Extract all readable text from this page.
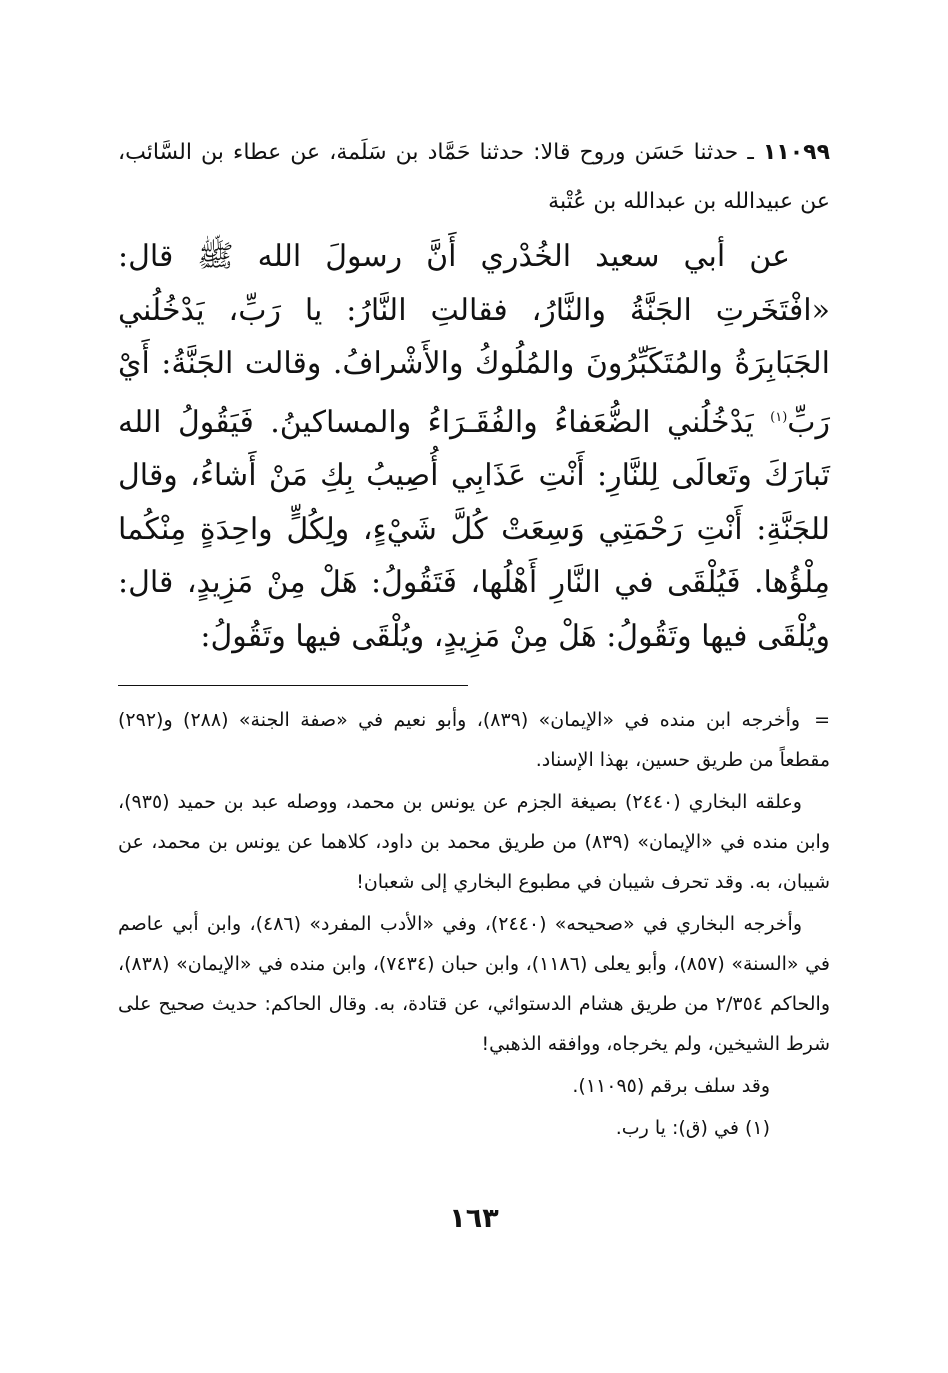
١١٠٩٩ ـ حدثنا حَسَن وروح قالا: حدثنا حَمَّاد بن سَلَمة، عن عطاء بن السَّائب، عن عبيدالله بن عبدالله بن عُتْبة

عن أبي سعيد الخُدْري أَنَّ رسولَ الله ﷺ قال: «افْتَخَرتِ الجَنَّةُ والنَّارُ، فقالتِ النَّارُ: يا رَبِّ، يَدْخُلُني الجَبَابِرَةُ والمُتَكَبِّرُونَ والمُلُوكُ والأَشْرافُ. وقالت الجَنَّةُ: أَيْ رَبِّ$^{(١)}$ يَدْخُلُني الضُّعَفاءُ والفُقَـرَاءُ والمساكينُ. فَيَقُولُ الله تَبارَكَ وتَعالَى لِلنَّارِ: أَنْتِ عَذَابِي أُصِيبُ بِكِ مَنْ أَشاءُ، وقال للجَنَّةِ: أَنْتِ رَحْمَتِي وَسِعَتْ كُلَّ شَيْءٍ، ولِكُلٍّ واحِدَةٍ مِنْكُما مِلْؤُها. فَيُلْقَى في النَّارِ أَهْلُها، فَتَقُولُ: هَلْ مِنْ مَزِيدٍ، قال: ويُلْقَى فيها وتَقُولُ: هَلْ مِنْ مَزِيدٍ، ويُلْقَى فيها وتَقُولُ:

=وأخرجه ابن منده في «الإيمان» (٨٣٩)، وأبو نعيم في «صفة الجنة» (٢٨٨) و(٢٩٢) مقطعاً من طريق حسين، بهذا الإسناد.

وعلقه البخاري (٢٤٤٠) بصيغة الجزم عن يونس بن محمد، ووصله عبد بن حميد (٩٣٥)، وابن منده في «الإيمان» (٨٣٩) من طريق محمد بن داود، كلاهما عن يونس بن محمد، عن شيبان، به. وقد تحرف شيبان في مطبوع البخاري إلى شعبان!

وأخرجه البخاري في «صحيحه» (٢٤٤٠)، وفي «الأدب المفرد» (٤٨٦)، وابن أبي عاصم في «السنة» (٨٥٧)، وأبو يعلى (١١٨٦)، وابن حبان (٧٤٣٤)، وابن منده في «الإيمان» (٨٣٨)، والحاكم ٢/٣٥٤ من طريق هشام الدستوائي، عن قتادة، به. وقال الحاكم: حديث صحيح على شرط الشيخين، ولم يخرجاه، ووافقه الذهبي!

وقد سلف برقم (١١٠٩٥).

(١) في (ق): يا رب.

١٦٣
